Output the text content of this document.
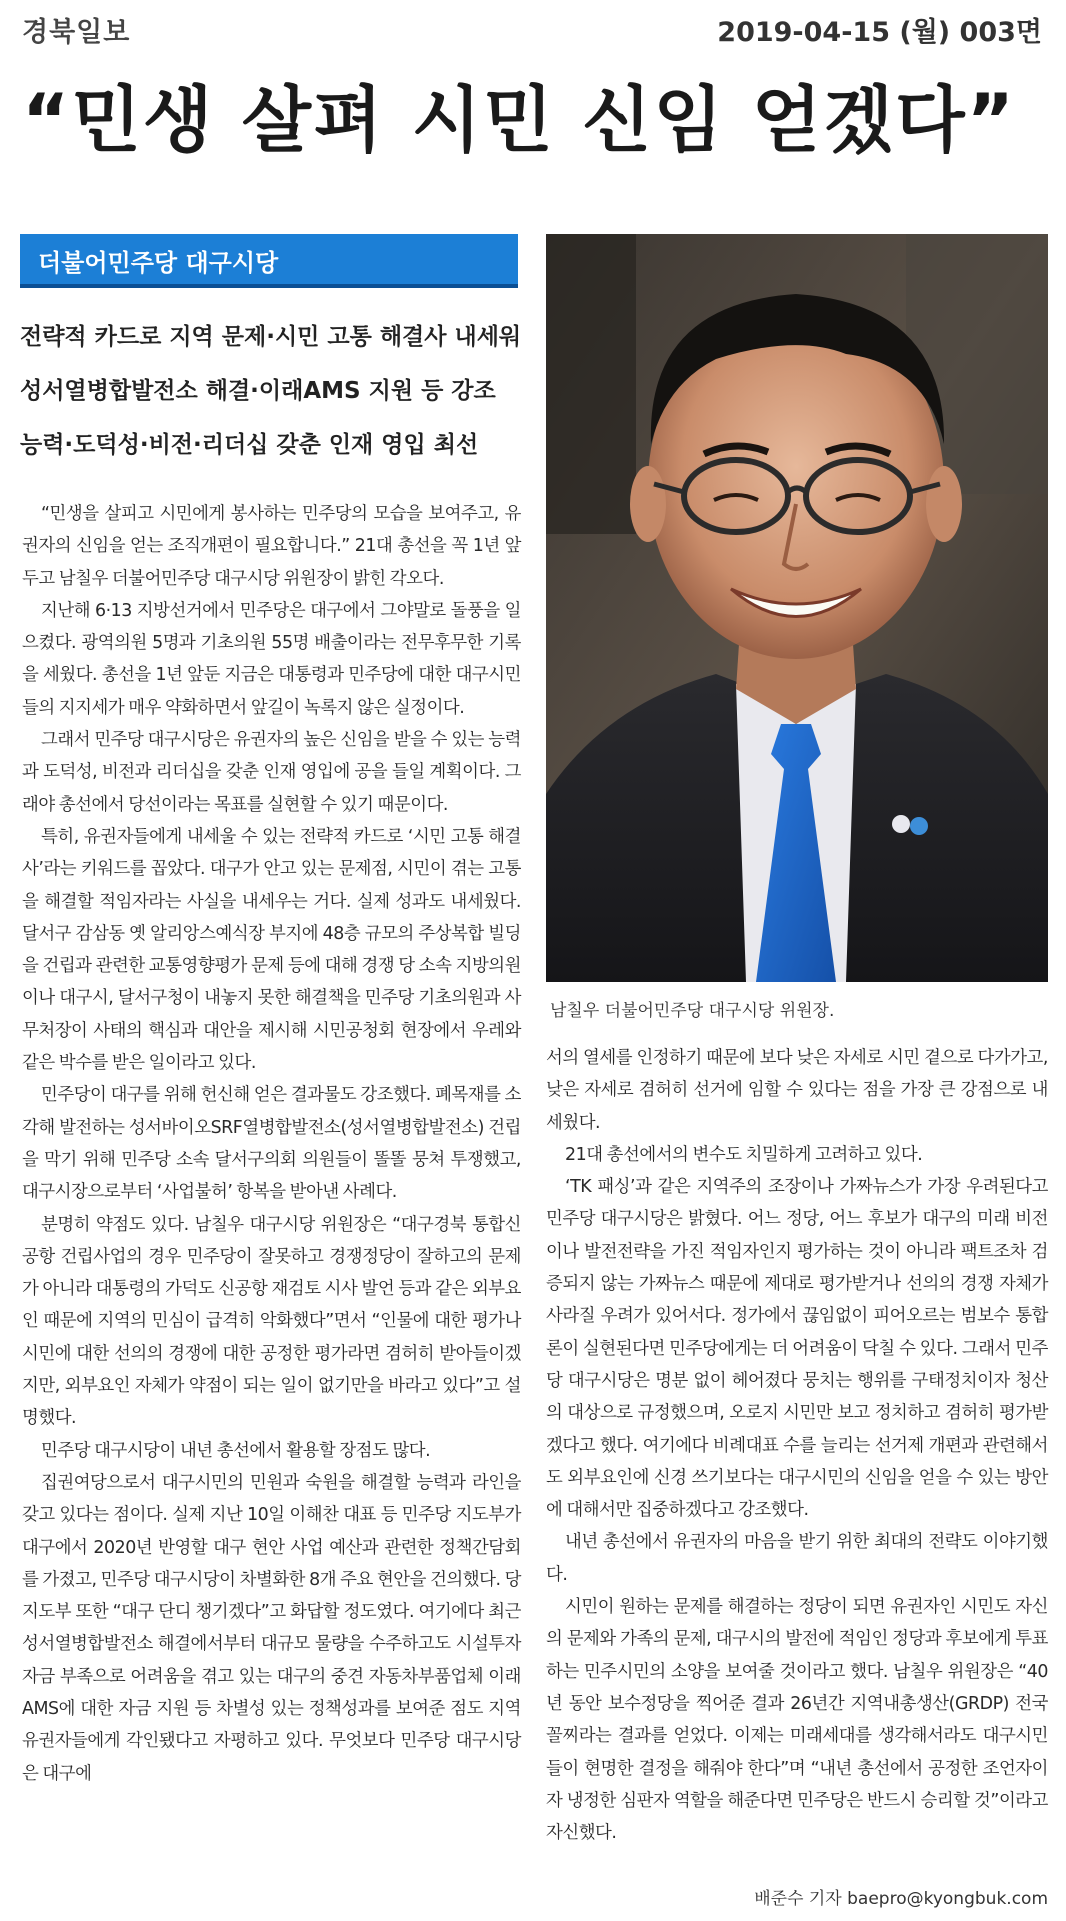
경북일보	2019-04-15 (월) 003면
“민생 살펴 시민 신임 얻겠다”
더불어민주당 대구시당
전략적 카드로 지역 문제·시민 고통 해결사 내세워
성서열병합발전소 해결·이래AMS 지원 등 강조
능력·도덕성·비전·리더십 갖춘 인재 영입 최선
남칠우 더불어민주당 대구시당 위원장.

“민생을 살피고 시민에게 봉사하는 민주당의 모습을 보여주고, 유권자의 신임을 얻는 조직개편이 필요합니다.” 21대 총선을 꼭 1년 앞두고 남칠우 더불어민주당 대구시당 위원장이 밝힌 각오다.

지난해 6·13 지방선거에서 민주당은 대구에서 그야말로 돌풍을 일으켰다. 광역의원 5명과 기초의원 55명 배출이라는 전무후무한 기록을 세웠다. 총선을 1년 앞둔 지금은 대통령과 민주당에 대한 대구시민들의 지지세가 매우 약화하면서 앞길이 녹록지 않은 실정이다.

그래서 민주당 대구시당은 유권자의 높은 신임을 받을 수 있는 능력과 도덕성, 비전과 리더십을 갖춘 인재 영입에 공을 들일 계획이다. 그래야 총선에서 당선이라는 목표를 실현할 수 있기 때문이다.

특히, 유권자들에게 내세울 수 있는 전략적 카드로 ‘시민 고통 해결사’라는 키워드를 꼽았다. 대구가 안고 있는 문제점, 시민이 겪는 고통을 해결할 적임자라는 사실을 내세우는 거다. 실제 성과도 내세웠다. 달서구 감삼동 옛 알리앙스예식장 부지에 48층 규모의 주상복합 빌딩을 건립과 관련한 교통영향평가 문제 등에 대해 경쟁 당 소속 지방의원이나 대구시, 달서구청이 내놓지 못한 해결책을 민주당 기초의원과 사무처장이 사태의 핵심과 대안을 제시해 시민공청회 현장에서 우레와 같은 박수를 받은 일이라고 있다.

민주당이 대구를 위해 헌신해 얻은 결과물도 강조했다. 폐목재를 소각해 발전하는 성서바이오SRF열병합발전소(성서열병합발전소) 건립을 막기 위해 민주당 소속 달서구의회 의원들이 똘똘 뭉쳐 투쟁했고, 대구시장으로부터 ‘사업불허’ 항복을 받아낸 사례다.

분명히 약점도 있다. 남칠우 대구시당 위원장은 “대구경북 통합신공항 건립사업의 경우 민주당이 잘못하고 경쟁정당이 잘하고의 문제가 아니라 대통령의 가덕도 신공항 재검토 시사 발언 등과 같은 외부요인 때문에 지역의 민심이 급격히 악화했다”면서 “인물에 대한 평가나 시민에 대한 선의의 경쟁에 대한 공정한 평가라면 겸허히 받아들이겠지만, 외부요인 자체가 약점이 되는 일이 없기만을 바라고 있다”고 설명했다.

민주당 대구시당이 내년 총선에서 활용할 장점도 많다.

집권여당으로서 대구시민의 민원과 숙원을 해결할 능력과 라인을 갖고 있다는 점이다. 실제 지난 10일 이해찬 대표 등 민주당 지도부가 대구에서 2020년 반영할 대구 현안 사업 예산과 관련한 정책간담회를 가졌고, 민주당 대구시당이 차별화한 8개 주요 현안을 건의했다. 당 지도부 또한 “대구 단디 챙기겠다”고 화답할 정도였다. 여기에다 최근 성서열병합발전소 해결에서부터 대규모 물량을 수주하고도 시설투자자금 부족으로 어려움을 겪고 있는 대구의 중견 자동차부품업체 이래AMS에 대한 자금 지원 등 차별성 있는 정책성과를 보여준 점도 지역 유권자들에게 각인됐다고 자평하고 있다. 무엇보다 민주당 대구시당은 대구에

서의 열세를 인정하기 때문에 보다 낮은 자세로 시민 곁으로 다가가고, 낮은 자세로 겸허히 선거에 임할 수 있다는 점을 가장 큰 강점으로 내세웠다.

21대 총선에서의 변수도 치밀하게 고려하고 있다.

‘TK 패싱’과 같은 지역주의 조장이나 가짜뉴스가 가장 우려된다고 민주당 대구시당은 밝혔다. 어느 정당, 어느 후보가 대구의 미래 비전이나 발전전략을 가진 적임자인지 평가하는 것이 아니라 팩트조차 검증되지 않는 가짜뉴스 때문에 제대로 평가받거나 선의의 경쟁 자체가 사라질 우려가 있어서다. 정가에서 끊임없이 피어오르는 범보수 통합론이 실현된다면 민주당에게는 더 어려움이 닥칠 수 있다. 그래서 민주당 대구시당은 명분 없이 헤어졌다 뭉치는 행위를 구태정치이자 청산의 대상으로 규정했으며, 오로지 시민만 보고 정치하고 겸허히 평가받겠다고 했다. 여기에다 비례대표 수를 늘리는 선거제 개편과 관련해서도 외부요인에 신경 쓰기보다는 대구시민의 신임을 얻을 수 있는 방안에 대해서만 집중하겠다고 강조했다.

내년 총선에서 유권자의 마음을 받기 위한 최대의 전략도 이야기했다.

시민이 원하는 문제를 해결하는 정당이 되면 유권자인 시민도 자신의 문제와 가족의 문제, 대구시의 발전에 적임인 정당과 후보에게 투표하는 민주시민의 소양을 보여줄 것이라고 했다. 남칠우 위원장은 “40년 동안 보수정당을 찍어준 결과 26년간 지역내총생산(GRDP) 전국 꼴찌라는 결과를 얻었다. 이제는 미래세대를 생각해서라도 대구시민들이 현명한 결정을 해줘야 한다”며 “내년 총선에서 공정한 조언자이자 냉정한 심판자 역할을 해준다면 민주당은 반드시 승리할 것”이라고 자신했다.

배준수 기자 baepro@kyongbuk.com
